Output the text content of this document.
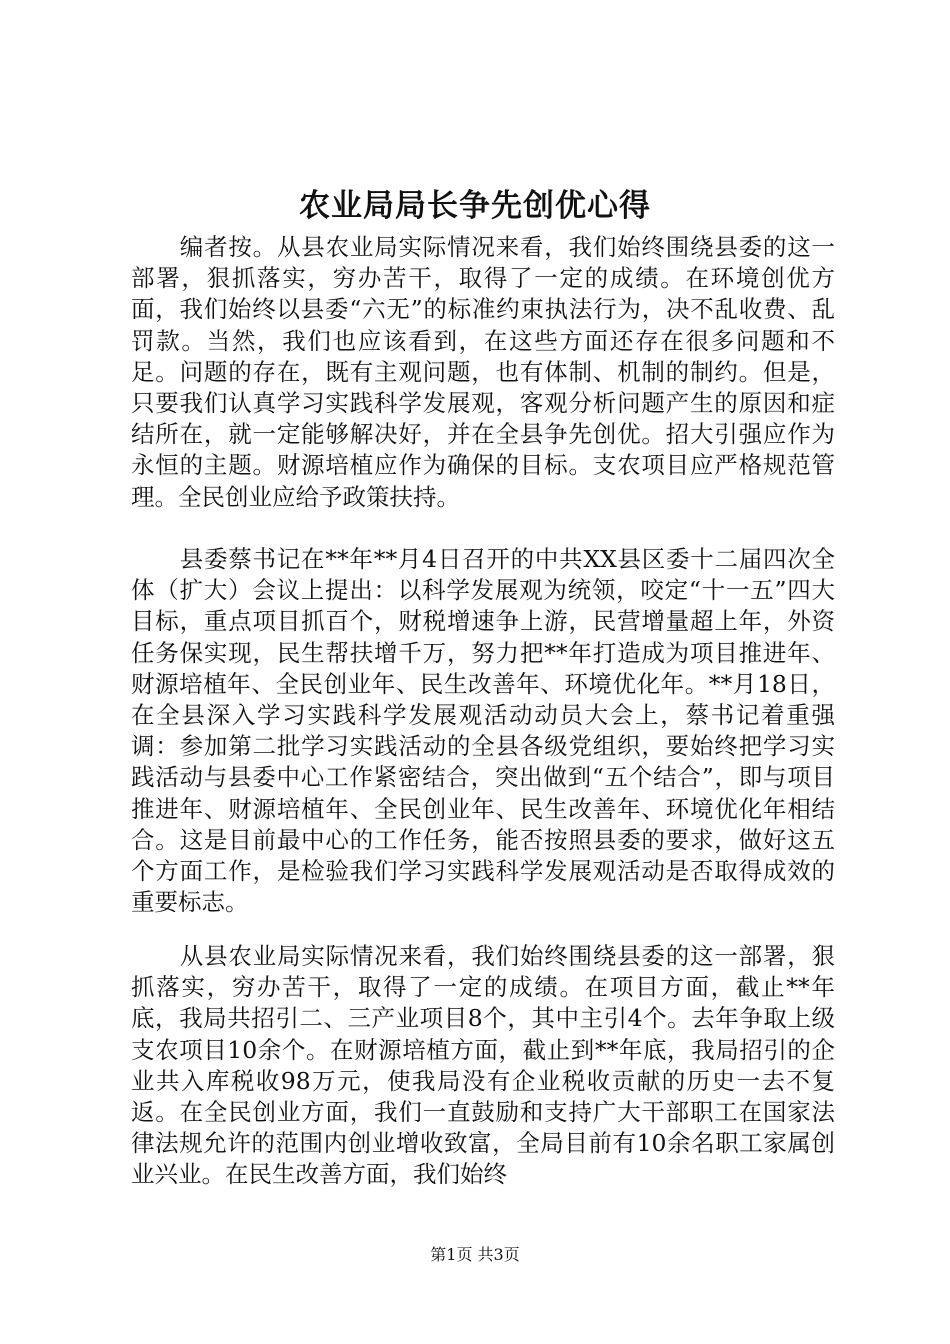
农业局局长争先创优心得

编者按。从县农业局实际情况来看，我们始终围绕县委的这一部署，狠抓落实，穷办苦干，取得了一定的成绩。在环境创优方面，我们始终以县委“六无”的标准约束执法行为，决不乱收费、乱罚款。当然，我们也应该看到，在这些方面还存在很多问题和不足。问题的存在，既有主观问题，也有体制、机制的制约。但是，只要我们认真学习实践科学发展观，客观分析问题产生的原因和症结所在，就一定能够解决好，并在全县争先创优。招大引强应作为永恒的主题。财源培植应作为确保的目标。支农项目应严格规范管理。全民创业应给予政策扶持。

县委蔡书记在**年**月4日召开的中共XX县区委十二届四次全体（扩大）会议上提出：以科学发展观为统领，咬定“十一五”四大目标，重点项目抓百个，财税增速争上游，民营增量超上年，外资任务保实现，民生帮扶增千万，努力把**年打造成为项目推进年、财源培植年、全民创业年、民生改善年、环境优化年。**月18日，在全县深入学习实践科学发展观活动动员大会上，蔡书记着重强调：参加第二批学习实践活动的全县各级党组织，要始终把学习实践活动与县委中心工作紧密结合，突出做到“五个结合”，即与项目推进年、财源培植年、全民创业年、民生改善年、环境优化年相结合。这是目前最中心的工作任务，能否按照县委的要求，做好这五个方面工作，是检验我们学习实践科学发展观活动是否取得成效的重要标志。

从县农业局实际情况来看，我们始终围绕县委的这一部署，狠抓落实，穷办苦干，取得了一定的成绩。在项目方面，截止**年底，我局共招引二、三产业项目8个，其中主引4个。去年争取上级支农项目10余个。在财源培植方面，截止到**年底，我局招引的企业共入库税收98万元，使我局没有企业税收贡献的历史一去不复返。在全民创业方面，我们一直鼓励和支持广大干部职工在国家法律法规允许的范围内创业增收致富，全局目前有10余名职工家属创业兴业。在民生改善方面，我们始终

第1页 共3页
